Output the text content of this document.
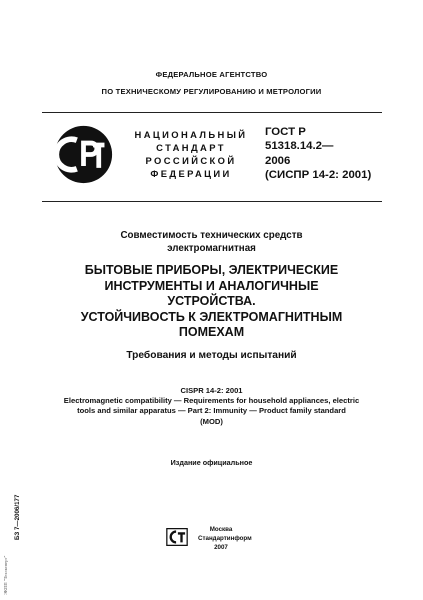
ФЕДЕРАЛЬНОЕ АГЕНТСТВО
ПО ТЕХНИЧЕСКОМУ РЕГУЛИРОВАНИЮ И МЕТРОЛОГИИ
НАЦИОНАЛЬНЫЙ
СТАНДАРТ
РОССИЙСКОЙ
ФЕДЕРАЦИИ
ГОСТ Р
51318.14.2—
2006
(СИСПР 14-2: 2001)
Совместимость технических средств
электромагнитная
БЫТОВЫЕ ПРИБОРЫ, ЭЛЕКТРИЧЕСКИЕ
ИНСТРУМЕНТЫ И АНАЛОГИЧНЫЕ
УСТРОЙСТВА.
УСТОЙЧИВОСТЬ К ЭЛЕКТРОМАГНИТНЫМ
ПОМЕХАМ
Требования и методы испытаний
CISPR 14-2: 2001
Electromagnetic compatibility — Requirements for household appliances, electric
tools and similar apparatus — Part 2: Immunity — Product family standard
(MOD)
Издание официальное
БЗ 7—2006/177
ЭКПП "Техэксперт"
Москва
Стандартинформ
2007
